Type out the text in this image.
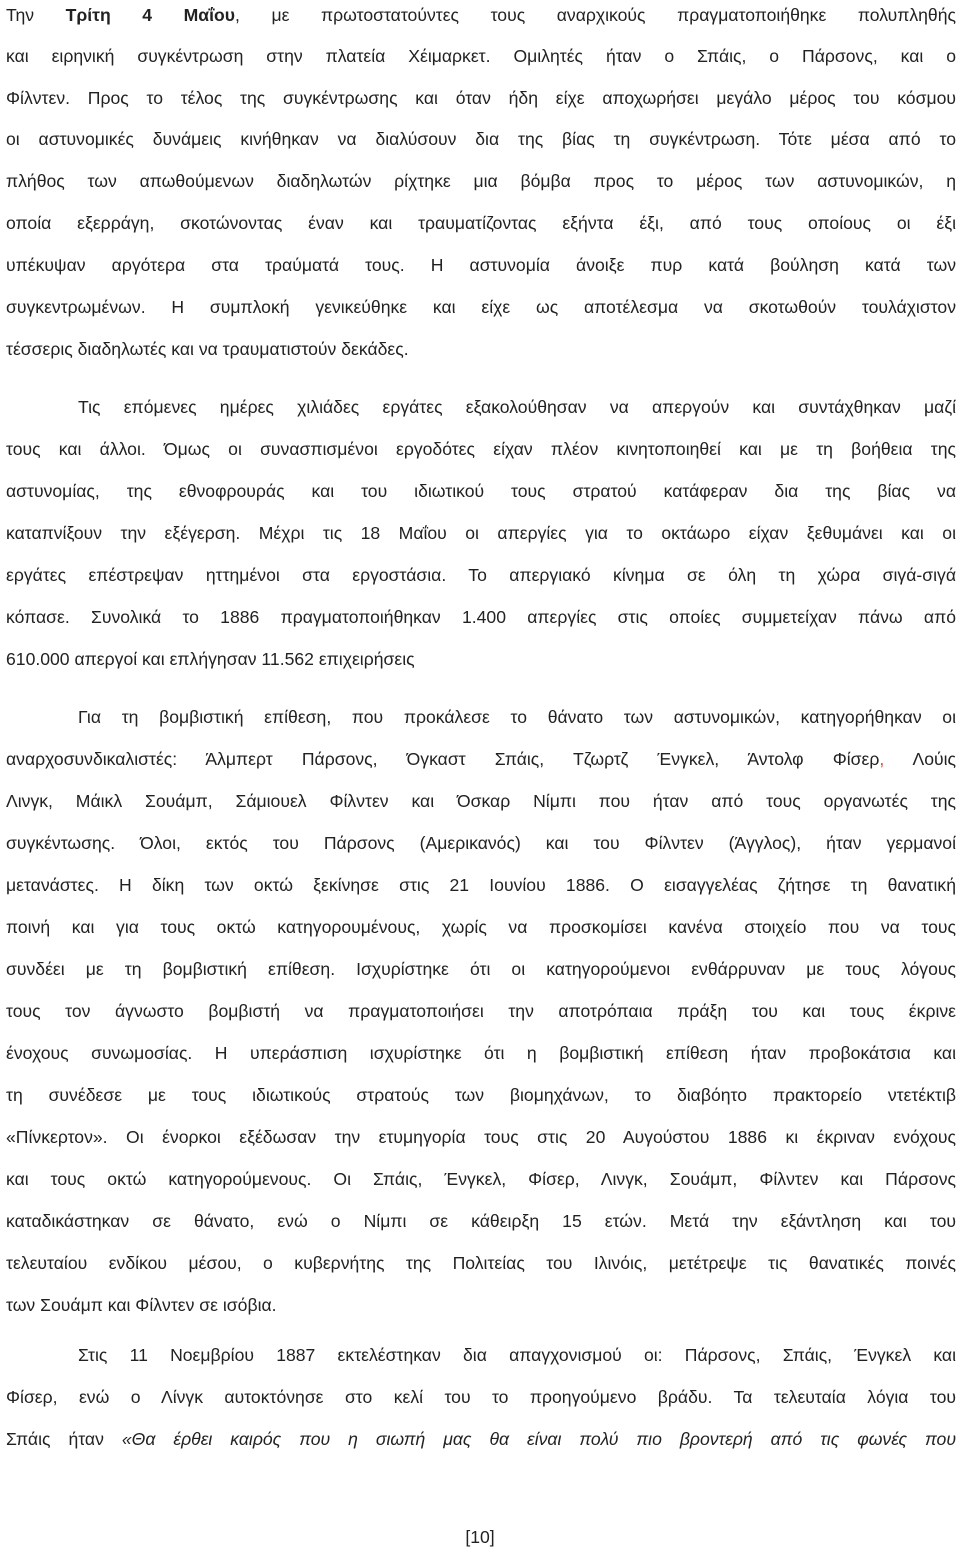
Την Τρίτη 4 Μαΐου, με πρωτοστατούντες τους αναρχικούς πραγματοποιήθηκε πολυπληθής
και ειρηνική συγκέντρωση στην πλατεία Χέιμαρκετ. Ομιλητές ήταν ο Σπάις, ο Πάρσονς, και ο
Φίλντεν. Προς το τέλος της συγκέντρωσης και όταν ήδη είχε αποχωρήσει μεγάλο μέρος του κόσμου
οι αστυνομικές δυνάμεις κινήθηκαν να διαλύσουν δια της βίας τη συγκέντρωση. Τότε μέσα από το
πλήθος των απωθούμενων διαδηλωτών ρίχτηκε μια βόμβα προς το μέρος των αστυνομικών, η
οποία εξερράγη, σκοτώνοντας έναν και τραυματίζοντας εξήντα έξι, από τους οποίους οι έξι
υπέκυψαν αργότερα στα τραύματά τους. Η αστυνομία άνοιξε πυρ κατά βούληση κατά των
συγκεντρωμένων. Η συμπλοκή γενικεύθηκε και είχε ως αποτέλεσμα να σκοτωθούν τουλάχιστον
τέσσερις διαδηλωτές και να τραυματιστούν δεκάδες.
Τις επόμενες ημέρες χιλιάδες εργάτες εξακολούθησαν να απεργούν και συντάχθηκαν μαζί
τους και άλλοι. Όμως οι συνασπισμένοι εργοδότες είχαν πλέον κινητοποιηθεί και με τη βοήθεια της
αστυνομίας, της εθνοφρουράς και του ιδιωτικού τους στρατού κατάφεραν δια της βίας να
καταπνίξουν την εξέγερση. Μέχρι τις 18 Μαΐου οι απεργίες για το οκτάωρο είχαν ξεθυμάνει και οι
εργάτες επέστρεψαν ηττημένοι στα εργοστάσια. Το απεργιακό κίνημα σε όλη τη χώρα σιγά-σιγά
κόπασε. Συνολικά το 1886 πραγματοποιήθηκαν 1.400 απεργίες στις οποίες συμμετείχαν πάνω από
610.000 απεργοί και επλήγησαν 11.562 επιχειρήσεις
Για τη βομβιστική επίθεση, που προκάλεσε το θάνατο των αστυνομικών, κατηγορήθηκαν οι
αναρχοσυνδικαλιστές: Άλμπερτ Πάρσονς, Όγκαστ Σπάις, Τζωρτζ Ένγκελ, Άντολφ Φίσερ, Λούις
Λινγκ, Μάικλ Σουάμπ, Σάμιουελ Φίλντεν και Όσκαρ Νίμπι που ήταν από τους οργανωτές της
συγκέντωσης. Όλοι, εκτός του Πάρσονς (Αμερικανός) και του Φίλντεν (Άγγλος), ήταν γερμανοί
μετανάστες. Η δίκη των οκτώ ξεκίνησε στις 21 Ιουνίου 1886. Ο εισαγγελέας ζήτησε τη θανατική
ποινή και για τους οκτώ κατηγορουμένους, χωρίς να προσκομίσει κανένα στοιχείο που να τους
συνδέει με τη βομβιστική επίθεση. Ισχυρίστηκε ότι οι κατηγορούμενοι ενθάρρυναν με τους λόγους
τους τον άγνωστο βομβιστή να πραγματοποιήσει την αποτρόπαια πράξη του και τους έκρινε
ένοχους συνωμοσίας. Η υπεράσπιση ισχυρίστηκε ότι η βομβιστική επίθεση ήταν προβοκάτσια και
τη συνέδεσε με τους ιδιωτικούς στρατούς των βιομηχάνων, το διαβόητο πρακτορείο ντετέκτιβ
«Πίνκερτον». Οι ένορκοι εξέδωσαν την ετυμηγορία τους στις 20 Αυγούστου 1886 κι έκριναν ενόχους
και τους οκτώ κατηγορούμενους. Οι Σπάις, Ένγκελ, Φίσερ, Λινγκ, Σουάμπ, Φίλντεν και Πάρσονς
καταδικάστηκαν σε θάνατο, ενώ ο Νίμπι σε κάθειρξη 15 ετών. Μετά την εξάντληση και του
τελευταίου ενδίκου μέσου, ο κυβερνήτης της Πολιτείας του Ιλινόις, μετέτρεψε τις θανατικές ποινές
των Σουάμπ και Φίλντεν σε ισόβια.
Στις 11 Νοεμβρίου 1887 εκτελέστηκαν δια απαγχονισμού οι: Πάρσονς, Σπάις, Ένγκελ και
Φίσερ, ενώ ο Λίνγκ αυτοκτόνησε στο κελί του το προηγούμενο βράδυ. Τα τελευταία λόγια του
Σπάις ήταν «Θα έρθει καιρός που η σιωπή μας θα είναι πολύ πιο βροντερή από τις φωνές που
[10]
